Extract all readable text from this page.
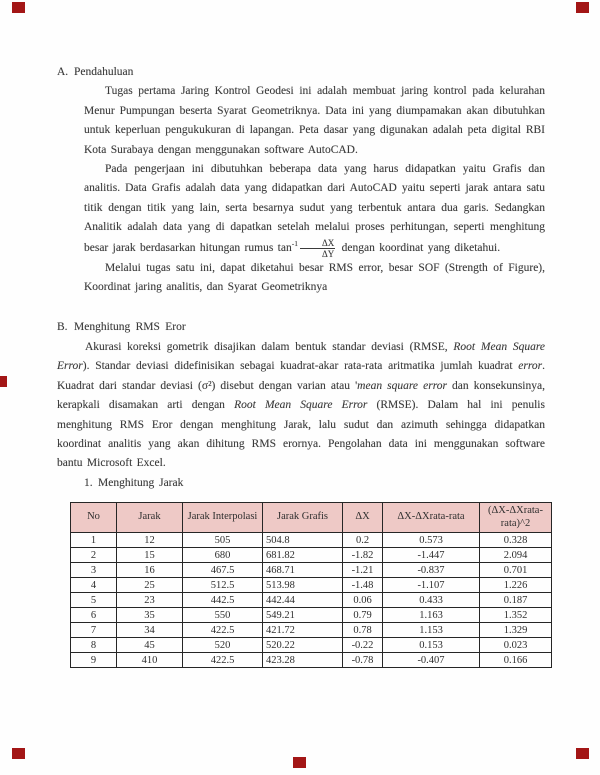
A. Pendahuluan

Tugas pertama Jaring Kontrol Geodesi ini adalah membuat jaring kontrol pada kelurahan Menur Pumpungan beserta Syarat Geometriknya. Data ini yang diumpamakan akan dibutuhkan untuk keperluan pengukukuran di lapangan. Peta dasar yang digunakan adalah peta digital RBI Kota Surabaya dengan menggunakan software AutoCAD.

Pada pengerjaan ini dibutuhkan beberapa data yang harus didapatkan yaitu Grafis dan analitis. Data Grafis adalah data yang didapatkan dari AutoCAD yaitu seperti jarak antara satu titik dengan titik yang lain, serta besarnya sudut yang terbentuk antara dua garis. Sedangkan Analitik adalah data yang di dapatkan setelah melalui proses perhitungan, seperti menghitung besar jarak berdasarkan hitungan rumus $\tan^{-1} \frac{\Delta X}{\Delta Y}$ dengan koordinat yang diketahui.

Melalui tugas satu ini, dapat diketahui besar RMS error, besar SOF (Strength of Figure), Koordinat jaring analitis, dan Syarat Geometriknya

B. Menghitung RMS Eror

Akurasi koreksi gometrik disajikan dalam bentuk standar deviasi (RMSE, Root Mean Square Error). Standar deviasi didefinisikan sebagai kuadrat-akar rata-rata aritmatika jumlah kuadrat error. Kuadrat dari standar deviasi (σ²) disebut dengan varian atau 'mean square error dan konsekunsinya, kerapkali disamakan arti dengan Root Mean Square Error (RMSE). Dalam hal ini penulis menghitung RMS Eror dengan menghitung Jarak, lalu sudut dan azimuth sehingga didapatkan koordinat analitis yang akan dihitung RMS erornya. Pengolahan data ini menggunakan software bantu Microsoft Excel.

1. Menghitung Jarak

No	Jarak	Jarak Interpolasi	Jarak Grafis	ΔX	ΔX-ΔXrata-rata	(ΔX-ΔXrata-rata)^2
1	12	505	504.8	0.2	0.573	0.328
2	15	680	681.82	-1.82	-1.447	2.094
3	16	467.5	468.71	-1.21	-0.837	0.701
4	25	512.5	513.98	-1.48	-1.107	1.226
5	23	442.5	442.44	0.06	0.433	0.187
6	35	550	549.21	0.79	1.163	1.352
7	34	422.5	421.72	0.78	1.153	1.329
8	45	520	520.22	-0.22	0.153	0.023
9	410	422.5	423.28	-0.78	-0.407	0.166
